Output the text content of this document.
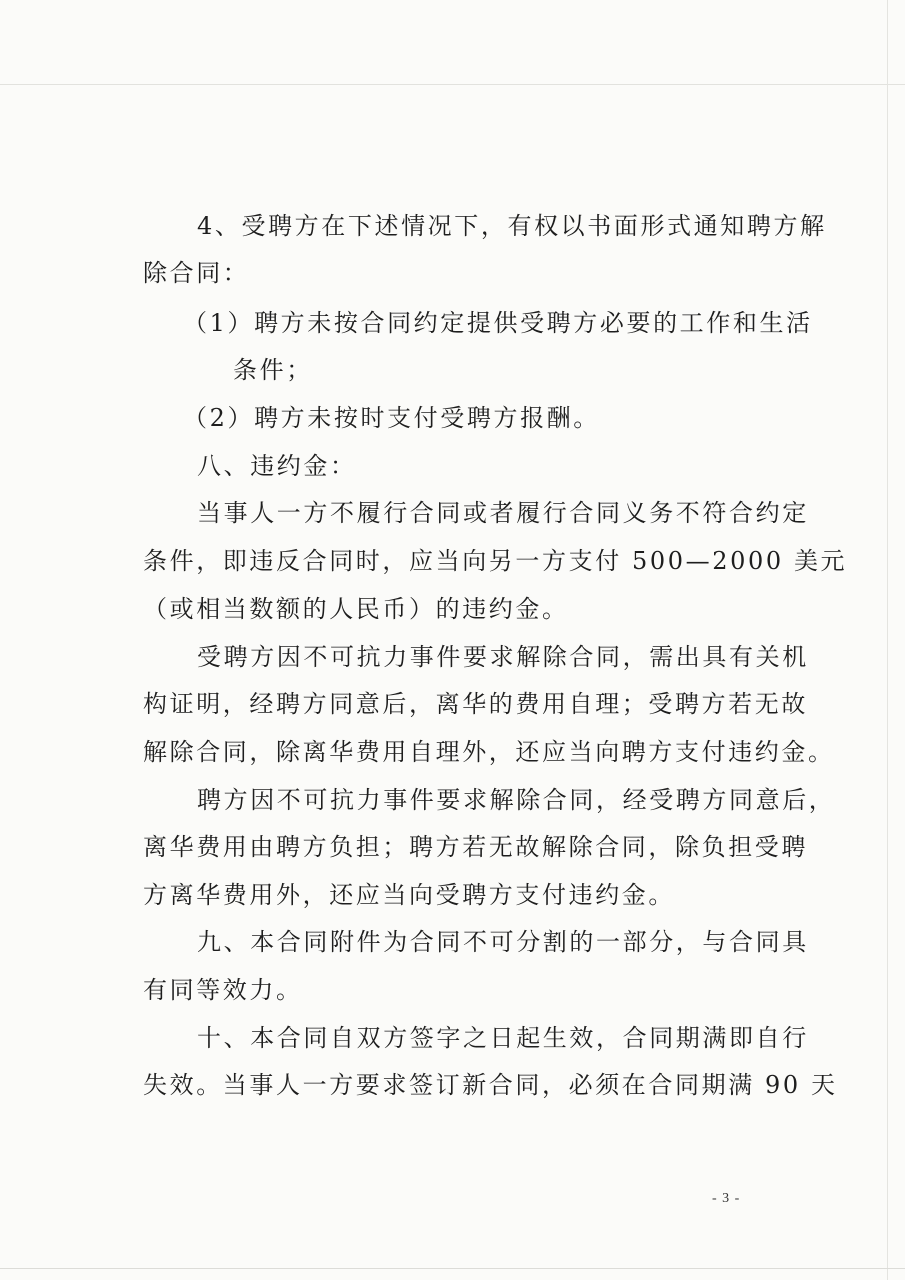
4、受聘方在下述情况下，有权以书面形式通知聘方解
除合同：
（1）聘方未按合同约定提供受聘方必要的工作和生活
条件；
（2）聘方未按时支付受聘方报酬。
八、违约金：
当事人一方不履行合同或者履行合同义务不符合约定
条件，即违反合同时，应当向另一方支付 500—2000 美元
（或相当数额的人民币）的违约金。
受聘方因不可抗力事件要求解除合同，需出具有关机
构证明，经聘方同意后，离华的费用自理；受聘方若无故
解除合同，除离华费用自理外，还应当向聘方支付违约金。
聘方因不可抗力事件要求解除合同，经受聘方同意后，
离华费用由聘方负担；聘方若无故解除合同，除负担受聘
方离华费用外，还应当向受聘方支付违约金。
九、本合同附件为合同不可分割的一部分，与合同具
有同等效力。
十、本合同自双方签字之日起生效，合同期满即自行
失效。当事人一方要求签订新合同，必须在合同期满 90 天
- 3 -
